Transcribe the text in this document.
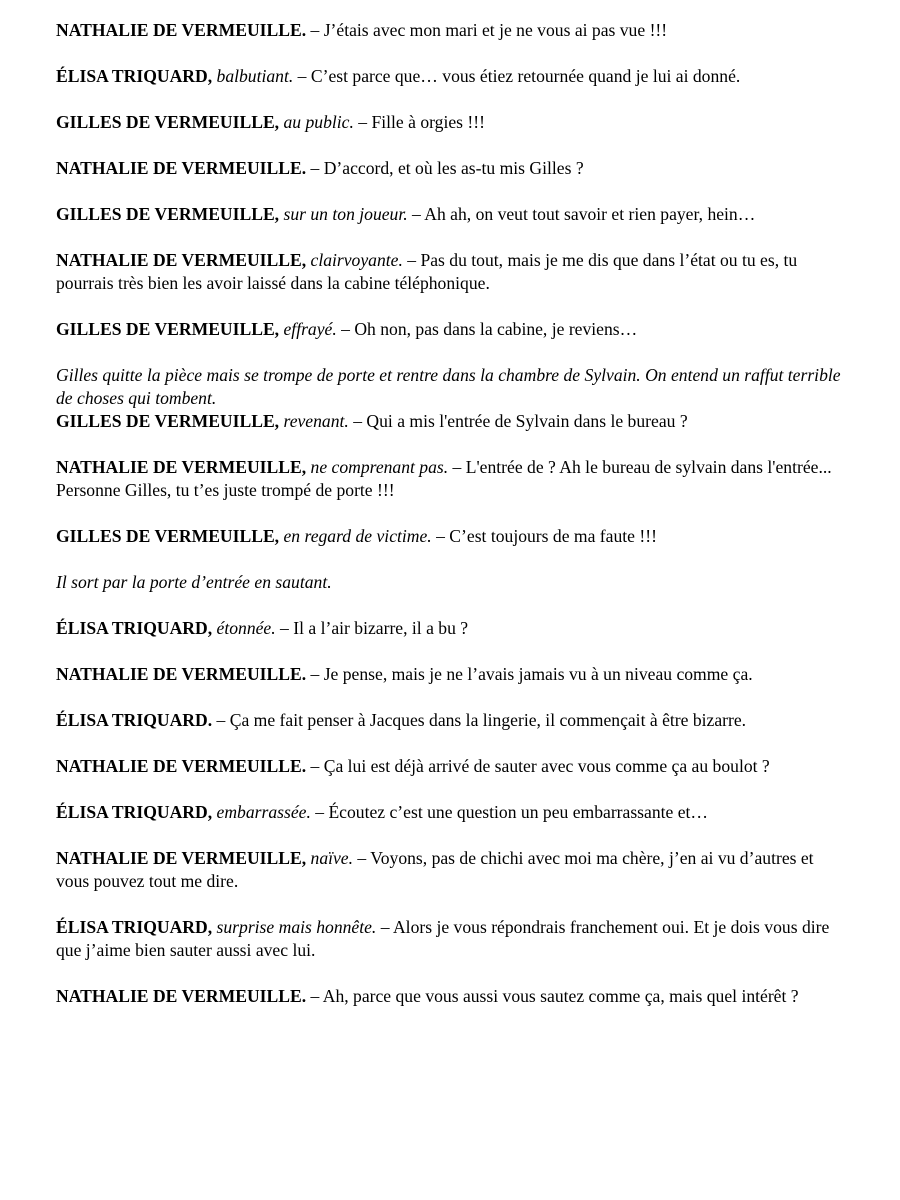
NATHALIE DE VERMEUILLE. – J’étais avec mon mari et je ne vous ai pas vue !!!

ÉLISA TRIQUARD, balbutiant. – C’est parce que… vous étiez retournée quand je lui ai donné.

GILLES DE VERMEUILLE, au public. – Fille à orgies !!!

NATHALIE DE VERMEUILLE. – D’accord, et où les as-tu mis Gilles ?

GILLES DE VERMEUILLE, sur un ton joueur. – Ah ah, on veut tout savoir et rien payer, hein…

NATHALIE DE VERMEUILLE, clairvoyante. – Pas du tout, mais je me dis que dans l’état ou tu es, tu pourrais très bien les avoir laissé dans la cabine téléphonique.

GILLES DE VERMEUILLE, effrayé. – Oh non, pas dans la cabine, je reviens…

Gilles quitte la pièce mais se trompe de porte et rentre dans la chambre de Sylvain. On entend un raffut terrible de choses qui tombent.

GILLES DE VERMEUILLE, revenant. – Qui a mis l'entrée de Sylvain dans le bureau ?

NATHALIE DE VERMEUILLE, ne comprenant pas. – L'entrée de ? Ah le bureau de sylvain dans l'entrée... Personne Gilles, tu t’es juste trompé de porte !!!

GILLES DE VERMEUILLE, en regard de victime. – C’est toujours de ma faute !!!

Il sort par la porte d’entrée en sautant.

ÉLISA TRIQUARD, étonnée. – Il a l’air bizarre, il a bu ?

NATHALIE DE VERMEUILLE. – Je pense, mais je ne l’avais jamais vu à un niveau comme ça.

ÉLISA TRIQUARD. – Ça me fait penser à Jacques dans la lingerie, il commençait à être bizarre.

NATHALIE DE VERMEUILLE. – Ça lui est déjà arrivé de sauter avec vous comme ça au boulot ?

ÉLISA TRIQUARD, embarrassée. – Écoutez c’est une question un peu embarrassante et…

NATHALIE DE VERMEUILLE, naïve. – Voyons, pas de chichi avec moi ma chère, j’en ai vu d’autres et vous pouvez tout me dire.

ÉLISA TRIQUARD, surprise mais honnête. – Alors je vous répondrais franchement oui. Et je dois vous dire que j’aime bien sauter aussi avec lui.

NATHALIE DE VERMEUILLE. – Ah, parce que vous aussi vous sautez comme ça, mais quel intérêt ?
